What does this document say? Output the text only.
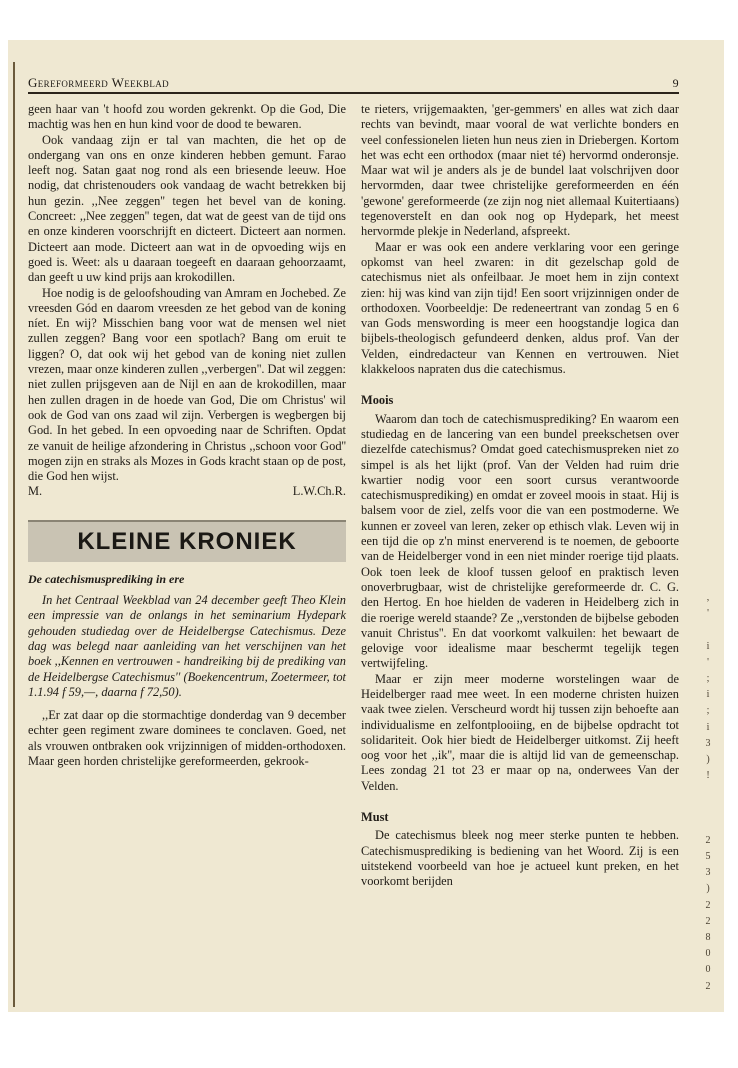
Gereformeerd Weekblad	9

geen haar van 't hoofd zou worden gekrenkt. Op die God, Die machtig was hen en hun kind voor de dood te bewaren.

Ook vandaag zijn er tal van machten, die het op de ondergang van ons en onze kinderen hebben gemunt. Farao leeft nog. Satan gaat nog rond als een briesende leeuw. Hoe nodig, dat christenouders ook vandaag de wacht betrekken bij hun gezin. ,,Nee zeggen'' tegen het bevel van de koning. Concreet: ,,Nee zeggen'' tegen, dat wat de geest van de tijd ons en onze kinderen voorschrijft en dicteert. Dicteert aan normen. Dicteert aan mode. Dicteert aan wat in de opvoeding wijs en goed is. Weet: als u daaraan toegeeft en daaraan gehoorzaamt, dan geeft u uw kind prijs aan krokodillen.

Hoe nodig is de geloofshouding van Amram en Jochebed. Ze vreesden Gód en daarom vreesden ze het gebod van de koning níet. En wij? Misschien bang voor wat de mensen wel niet zullen zeggen? Bang voor een spotlach? Bang om eruit te liggen? O, dat ook wij het gebod van de koning niet zullen vrezen, maar onze kinderen zullen ,,verbergen''. Dat wil zeggen: niet zullen prijsgeven aan de Nijl en aan de krokodillen, maar hen zullen dragen in de hoede van God, Die om Christus' wil ook de God van ons zaad wil zijn. Verbergen is wegbergen bij God. In het gebed. In een opvoeding naar de Schriften. Opdat ze vanuit de heilige afzondering in Christus ,,schoon voor God'' mogen zijn en straks als Mozes in Gods kracht staan op de post, die God hen wijst.

M.	L.W.Ch.R.
KLEINE KRONIEK
De catechismusprediking in ere

In het Centraal Weekblad van 24 december geeft Theo Klein een impressie van de onlangs in het seminarium Hydepark gehouden studiedag over de Heidelbergse Catechismus. Deze dag was belegd naar aanleiding van het verschijnen van het boek ,,Kennen en vertrouwen - handreiking bij de prediking van de Heidelbergse Catechismus'' (Boekencentrum, Zoetermeer, tot 1.1.94 f 59,—, daarna f 72,50).

,,Er zat daar op die stormachtige donderdag van 9 december echter geen regiment zware dominees te conclaven. Goed, net als vrouwen ontbraken ook vrijzinnigen of midden-orthodoxen. Maar geen horden christelijke gereformeerden, gekrook-

te rieters, vrijgemaakten, 'ger-gemmers' en alles wat zich daar rechts van bevindt, maar vooral de wat verlichte bonders en veel confessionelen lieten hun neus zien in Driebergen. Kortom het was echt een orthodox (maar niet té) hervormd onderonsje. Maar wat wil je anders als je de bundel laat volschrijven door hervormden, daar twee christelijke gereformeerden en één 'gewone' gereformeerde (ze zijn nog niet allemaal Kuitertiaans) tegenoversteIt en dan ook nog op Hydepark, het meest hervormde plekje in Nederland, afspreekt.

Maar er was ook een andere verklaring voor een geringe opkomst van heel zwaren: in dit gezelschap gold de catechismus niet als onfeilbaar. Je moet hem in zijn context zien: hij was kind van zijn tijd! Een soort vrijzinnigen onder de orthodoxen. Voorbeeldje: De redeneertrant van zondag 5 en 6 van Gods menswording is meer een hoogstandje logica dan bijbels-theologisch gefundeerd denken, aldus prof. Van der Velden, eindredacteur van Kennen en vertrouwen. Niet klakkeloos napraten dus die catechismus.

Moois

Waarom dan toch de catechismusprediking? En waarom een studiedag en de lancering van een bundel preekschetsen over diezelfde catechismus? Omdat goed catechismuspreken niet zo simpel is als het lijkt (prof. Van der Velden had ruim drie kwartier nodig voor een soort cursus verantwoorde catechismusprediking) en omdat er zoveel moois in staat. Hij is balsem voor de ziel, zelfs voor die van een postmoderne. We kunnen er zoveel van leren, zeker op ethisch vlak. Leven wij in een tijd die op z'n minst enerverend is te noemen, de geboorte van de Heidelberger vond in een niet minder roerige tijd plaats. Ook toen leek de kloof tussen geloof en praktisch leven onoverbrugbaar, wist de christelijke gereformeerde dr. C. G. den Hertog. En hoe hielden de vaderen in Heidelberg zich in die roerige wereld staande? Ze ,,verstonden de bijbelse geboden vanuit Christus''. En dat voorkomt valkuilen: het bewaart de gelovige voor idealisme maar beschermt tegelijk tegen vertwijfeling.

Maar er zijn meer moderne worstelingen waar de Heidelberger raad mee weet. In een moderne christen huizen vaak twee zielen. Verscheurd wordt hij tussen zijn behoefte aan individualisme en zelfontplooiing, en de bijbelse opdracht tot solidariteit. Ook hier biedt de Heidelberger uitkomst. Zij heeft oog voor het ,,ik'', maar die is altijd lid van de gemeenschap. Lees zondag 21 tot 23 er maar op na, onderwees Van der Velden.

Must

De catechismus bleek nog meer sterke punten te hebben. Catechismusprediking is bediening van het Woord. Zij is een uitstekend voorbeeld van hoe je actueel kunt preken, en het voorkomt berijden

,
'
i
'
;
i
;
i
3
)
!
2
5
3
)
2
2
8
0
0
2
